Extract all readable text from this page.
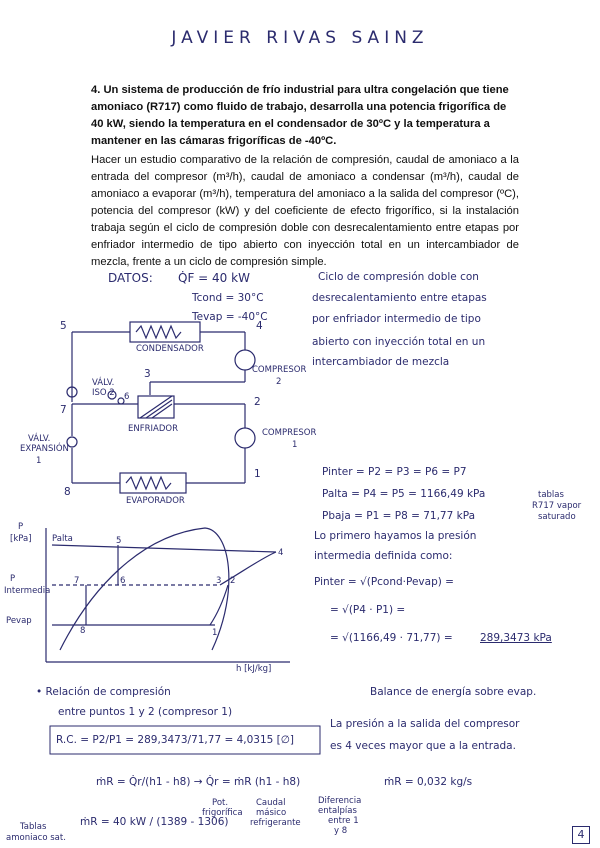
JAVIER RIVAS SAINZ
4. Un sistema de producción de frío industrial para ultra congelación que tiene amoniaco (R717) como fluido de trabajo, desarrolla una potencia frigorífica de 40 kW, siendo la temperatura en el condensador de 30ºC y la temperatura a mantener en las cámaras frigoríficas de -40ºC.
Hacer un estudio comparativo de la relación de compresión, caudal de amoniaco a la entrada del compresor (m³/h), caudal de amoniaco a condensar (m³/h), caudal de amoniaco a evaporar (m³/h), temperatura del amoniaco a la salida del compresor (ºC), potencia del compresor (kW) y del coeficiente de efecto frigorífico, si la instalación trabaja según el ciclo de compresión doble con desrecalentamiento entre etapas por enfriador intermedio de tipo abierto con inyección total en un intercambiador de mezcla, frente a un ciclo de compresión simple.
DATOS: Q̇F = 40 kW
Tcond = 30°C
Tevap = -40°C
Ciclo de compresión doble con
desrecalentamiento entre etapas
por enfriador intermedio de tipo
abierto con inyección total en un
intercambiador de mezcla
5	4
3
6
7
2
1
8
CONDENSADOR
COMPRESOR
2
VÁLV.
ISO 2
ENFRIADOR	COMPRESOR
1
VÁLV.
EXPANSIÓN
1
EVAPORADOR
Pinter = P2 = P3 = P6 = P7
Palta = P4 = P5 = 1166,49 kPa
Pbaja = P1 = P8 = 71,77 kPa
tablas
R717 vapor
saturado
Lo primero hayamos la presión
intermedia definida como:
Pinter = √(Pcond·Pevap) =
= √(P4 · P1) =
= √(1166,49 · 71,77) =	289,3473 kPa
P
[kPa] Palta
P
Intermedia
Pevap
h [kJ/kg]
5
4
7	6	3 2
8	1
• Relación de compresión
entre puntos 1 y 2 (compresor 1)
R.C. = P2/P1 = 289,3473/71,77 = 4,0315 [∅]
Balance de energía sobre evap.
La presión a la salida del compresor
es 4 veces mayor que a la entrada.
ṁR = Q̇r/(h1 - h8) → Q̇r = ṁR (h1 - h8)	ṁR = 0,032 kg/s
Pot.
frigorífica
Caudal
másico
refrigerante
Diferencia
entalpías
entre 1
y 8
ṁR = 40 kW / (1389 - 1306)
Tablas
amoniaco sat.	4
